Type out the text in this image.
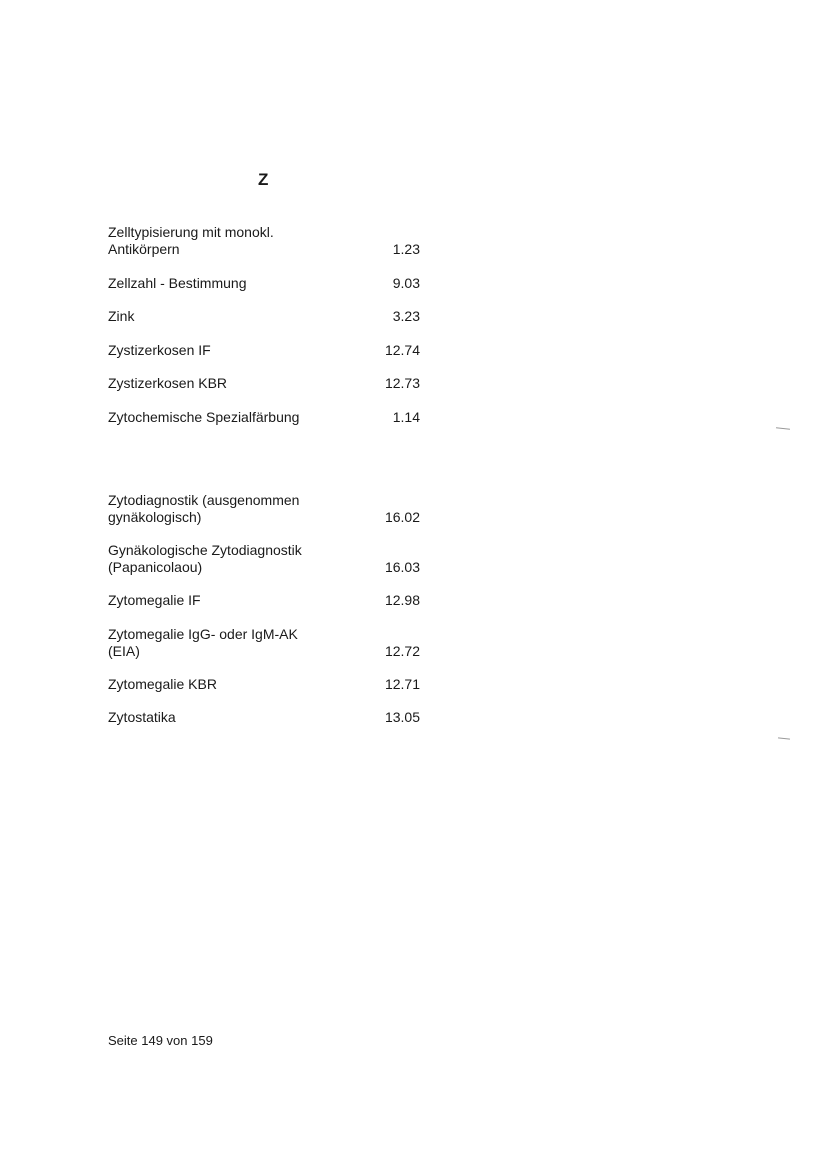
Z
Zelltypisierung mit monokl.
Antikörpern	1.23
Zellzahl - Bestimmung	9.03
Zink	3.23
Zystizerkosen IF	12.74
Zystizerkosen KBR	12.73
Zytochemische Spezialfärbung	1.14
Zytodiagnostik (ausgenommen
gynäkologisch)	16.02
Gynäkologische Zytodiagnostik
(Papanicolaou)	16.03
Zytomegalie IF	12.98
Zytomegalie IgG- oder IgM-AK
(EIA)	12.72
Zytomegalie KBR	12.71
Zytostatika	13.05
Seite 149 von 159
